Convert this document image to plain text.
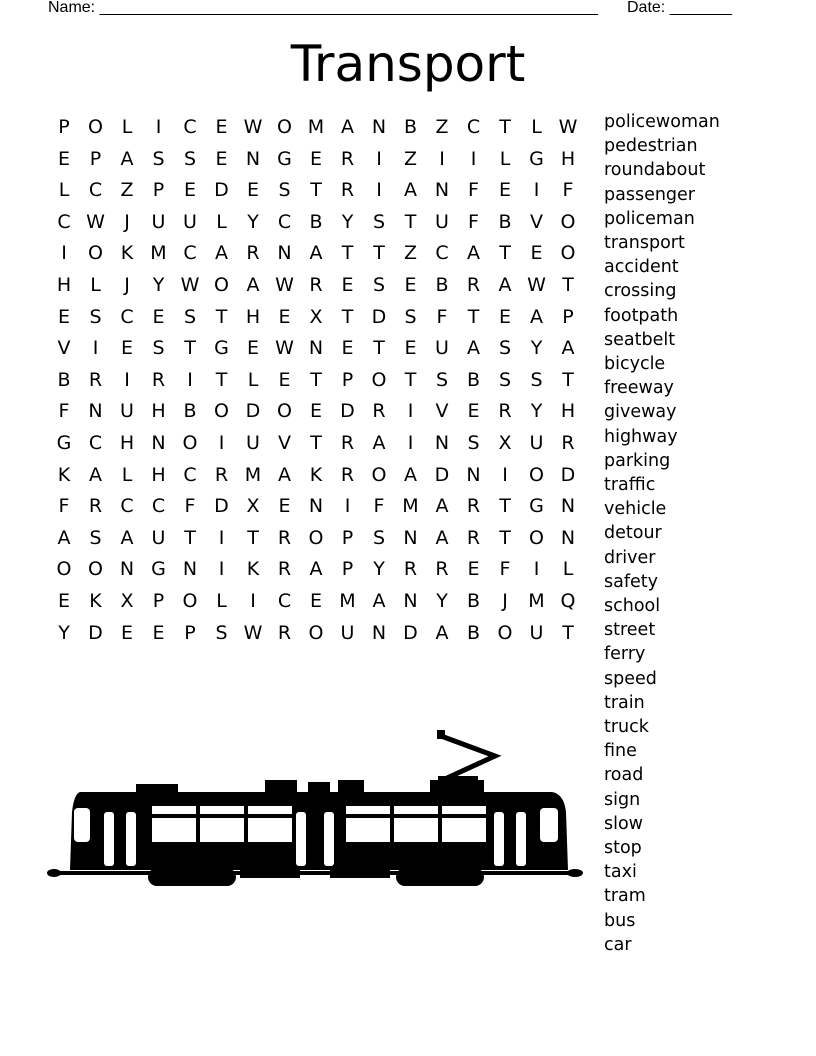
Name: ________________________________________________________

Date: _______

Transport
P O L	I	C E W O M A N B Z C	T	L W
E	P	A S	S	E N G E R	I	Z	I	I	L G H
L	C Z	P	E D E	S	T	R	I	A N F	E	I	F
C W	J	U U	L	Y	C B	Y	S	T U	F	B V O
I	O K M C A R N A	T	T	Z C A	T	E O
H	L	J	Y W O A W R E	S	E B R A W T
E	S C E	S	T H E X	T D S	F	T	E	A	P
V	I	E	S	T G E W N E	T	E U A S	Y	A
B R	I	R	I	T	L	E	T	P O T	S B S	S	T
F N U H B O D O E D R	I	V E R	Y H
G C H N O	I	U V	T	R A	I	N S X U R
K A	L	H C R M A K R O A D N	I	O D
F	R C C	F D X E N	I	F M A R	T G N
A S A U T	I	T	R O P	S N A R	T O N
O O N G N	I	K R A	P	Y	R R E	F	I	L
E	K X	P O L	I	C E M A N Y	B	J	M Q
Y D E	E	P	S W R O U N D A B O U T
policewoman
pedestrian
roundabout
passenger
policeman
transport
accident
crossing
footpath
seatbelt
bicycle
freeway
giveway
highway
parking
traffic
vehicle
detour
driver
safety
school
street
ferry
speed
train
truck
fine
road
sign
slow
stop
taxi
tram
bus
car
